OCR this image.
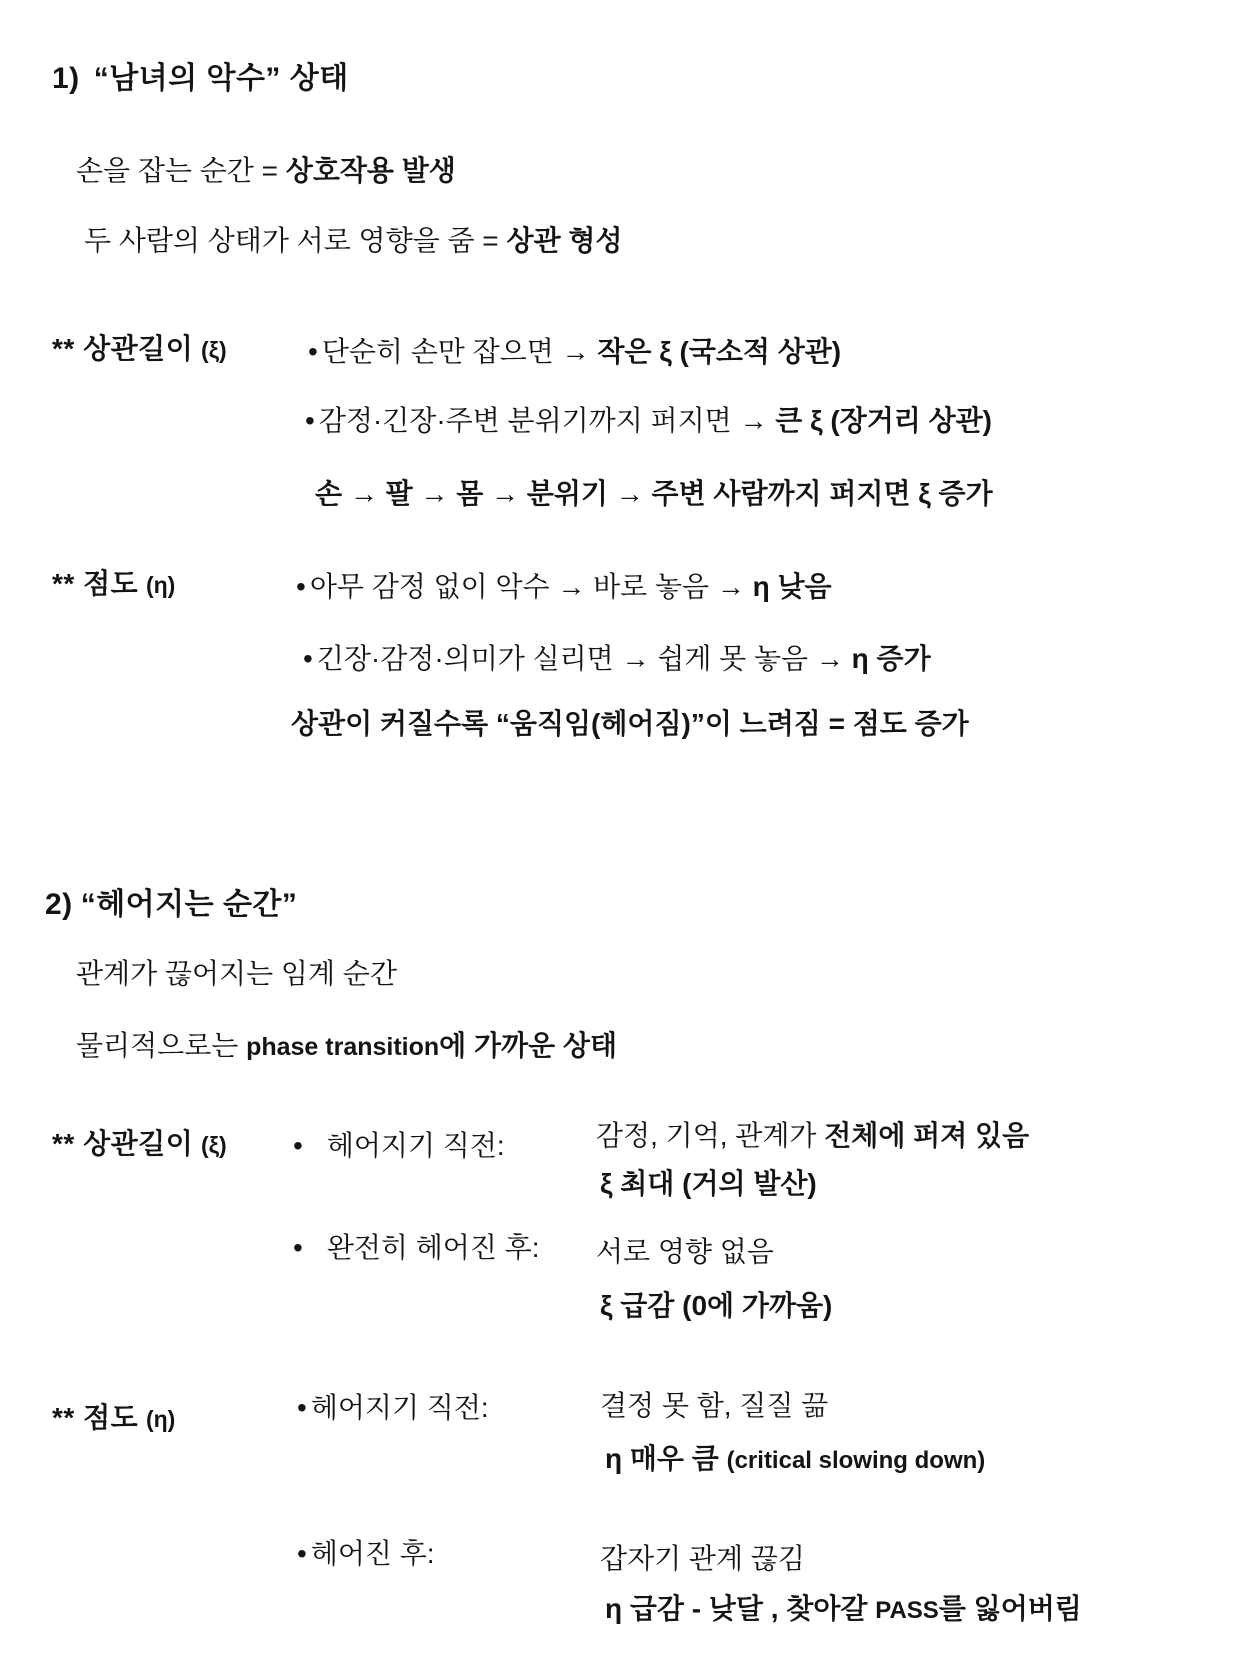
1) “남녀의 악수” 상태
손을 잡는 순간 = 상호작용 발생
두 사람의 상태가 서로 영향을 줌 = 상관 형성
** 상관길이 (ξ)	• 단순히 손만 잡으면 → 작은 ξ (국소적 상관)
• 감정·긴장·주변 분위기까지 퍼지면 → 큰 ξ (장거리 상관)
손 → 팔 → 몸 → 분위기 → 주변 사람까지 퍼지면 ξ 증가
** 점도 (η)	• 아무 감정 없이 악수 → 바로 놓음 → η 낮음
• 긴장·감정·의미가 실리면 → 쉽게 못 놓음 → η 증가
상관이 커질수록 “움직임(헤어짐)”이 느려짐 = 점도 증가
2) “헤어지는 순간”
관계가 끊어지는 임계 순간
물리적으로는 phase transition에 가까운 상태
** 상관길이 (ξ) • 헤어지기 직전:	감정, 기억, 관계가 전체에 퍼져 있음
ξ 최대 (거의 발산)
• 완전히 헤어진 후: 서로 영향 없음
ξ 급감 (0에 가까움)
** 점도 (η)	• 헤어지기 직전:	결정 못 함, 질질 끎
η 매우 큼 (critical slowing down)
• 헤어진 후:	갑자기 관계 끊김
η 급감 - 낮달 , 찾아갈 PASS를 잃어버림
